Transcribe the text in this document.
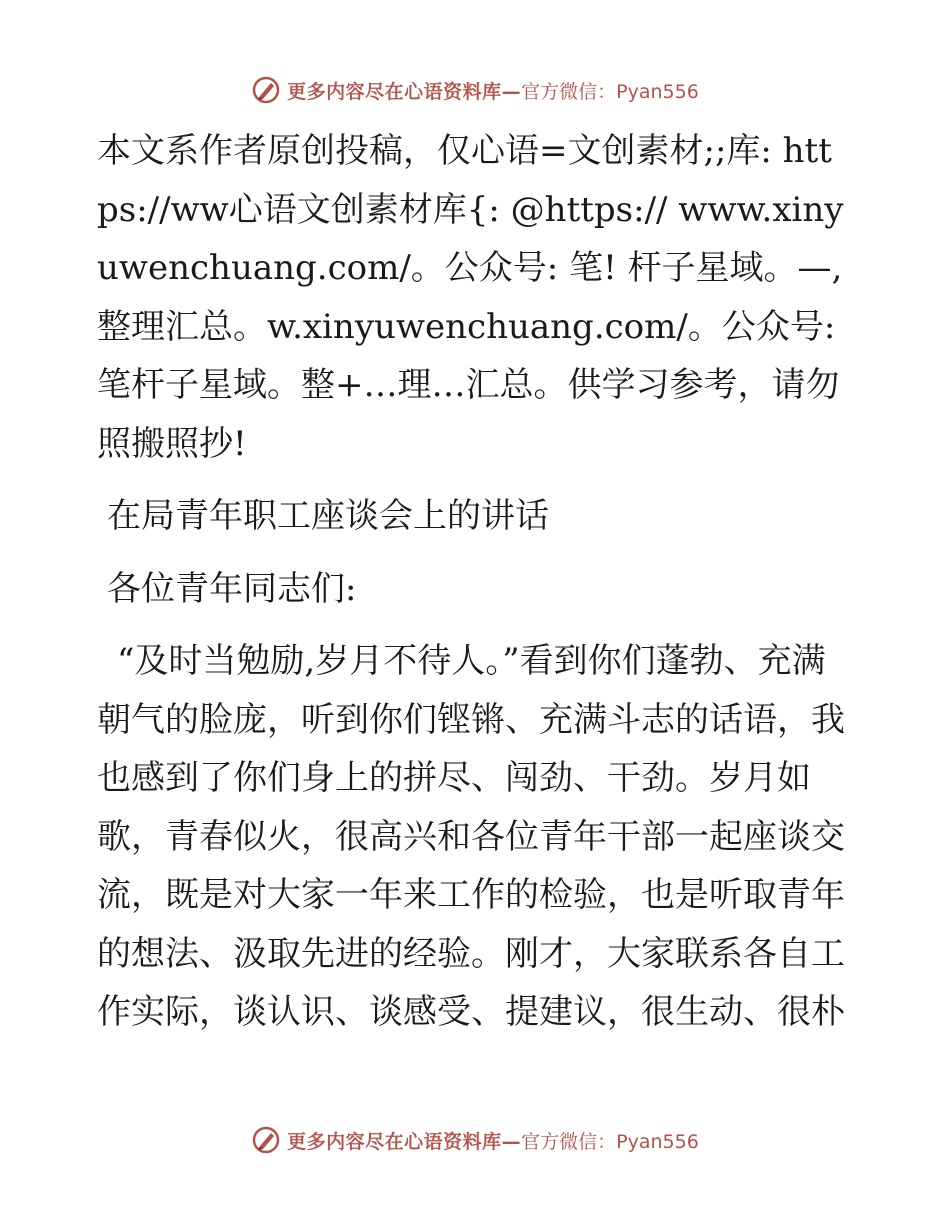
更多内容尽在心语资料库— 官方微信：Pyan556

本文系作者原创投稿，仅心语=文创素材;;库: https://ww心语文创素材库{: @https:// www.xinyuwenchuang.com/。公众号: 笔! 杆子星域。—,整理汇总。w.xinyuwenchuang.com/。公众号: 笔杆子星域。整+…理…汇总。供学习参考，请勿照搬照抄!

在局青年职工座谈会上的讲话

各位青年同志们:

“及时当勉励,岁月不待人。”看到你们蓬勃、充满朝气的脸庞，听到你们铿锵、充满斗志的话语，我也感到了你们身上的拼尽、闯劲、干劲。岁月如歌，青春似火，很高兴和各位青年干部一起座谈交流，既是对大家一年来工作的检验，也是听取青年的想法、汲取先进的经验。刚才，大家联系各自工作实际，谈认识、谈感受、提建议，很生动、很朴

更多内容尽在心语资料库— 官方微信：Pyan556
